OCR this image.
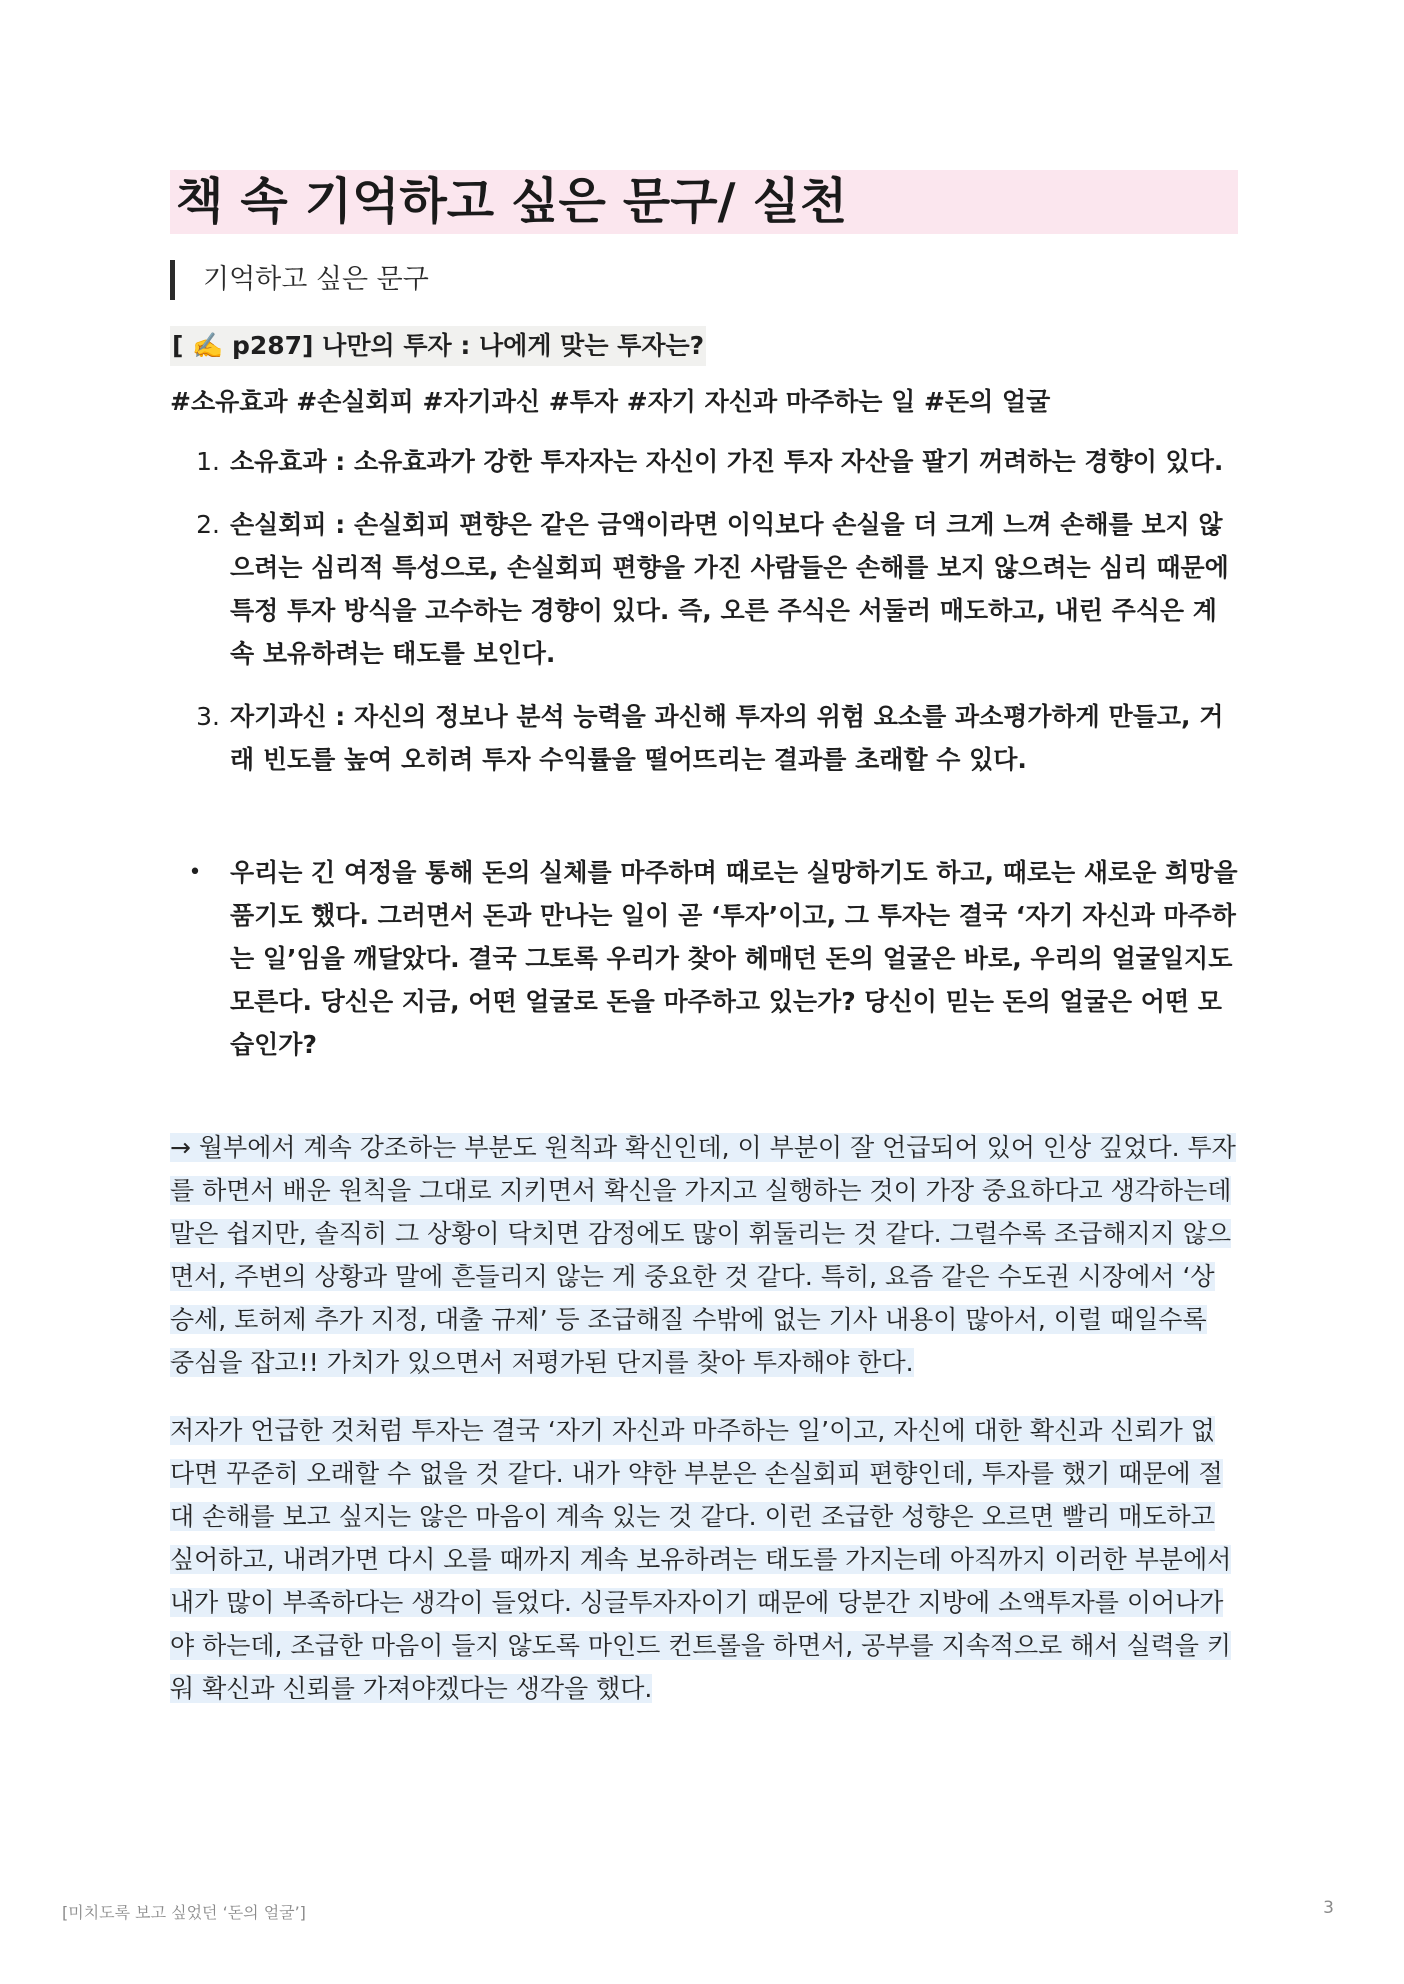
책 속 기억하고 싶은 문구/ 실천
기억하고 싶은 문구
[ ✍️ p287] 나만의 투자 : 나에게 맞는 투자는?
#소유효과 #손실회피 #자기과신 #투자 #자기 자신과 마주하는 일 #돈의 얼굴
1. 소유효과 : 소유효과가 강한 투자자는 자신이 가진 투자 자산을 팔기 꺼려하는 경향이 있다.
2. 손실회피 : 손실회피 편향은 같은 금액이라면 이익보다 손실을 더 크게 느껴 손해를 보지 않으려는 심리적 특성으로, 손실회피 편향을 가진 사람들은 손해를 보지 않으려는 심리 때문에 특정 투자 방식을 고수하는 경향이 있다. 즉, 오른 주식은 서둘러 매도하고, 내린 주식은 계속 보유하려는 태도를 보인다.
3. 자기과신 : 자신의 정보나 분석 능력을 과신해 투자의 위험 요소를 과소평가하게 만들고, 거래 빈도를 높여 오히려 투자 수익률을 떨어뜨리는 결과를 초래할 수 있다.
•	우리는 긴 여정을 통해 돈의 실체를 마주하며 때로는 실망하기도 하고, 때로는 새로운 희망을 품기도 했다. 그러면서 돈과 만나는 일이 곧 ‘투자’이고, 그 투자는 결국 ‘자기 자신과 마주하는 일’임을 깨달았다. 결국 그토록 우리가 찾아 헤매던 돈의 얼굴은 바로, 우리의 얼굴일지도 모른다. 당신은 지금, 어떤 얼굴로 돈을 마주하고 있는가? 당신이 믿는 돈의 얼굴은 어떤 모습인가?

→ 월부에서 계속 강조하는 부분도 원칙과 확신인데, 이 부분이 잘 언급되어 있어 인상 깊었다. 투자를 하면서 배운 원칙을 그대로 지키면서 확신을 가지고 실행하는 것이 가장 중요하다고 생각하는데 말은 쉽지만, 솔직히 그 상황이 닥치면 감정에도 많이 휘둘리는 것 같다. 그럴수록 조급해지지 않으면서, 주변의 상황과 말에 흔들리지 않는 게 중요한 것 같다. 특히, 요즘 같은 수도권 시장에서 ‘상승세, 토허제 추가 지정, 대출 규제’ 등 조급해질 수밖에 없는 기사 내용이 많아서, 이럴 때일수록 중심을 잡고!! 가치가 있으면서 저평가된 단지를 찾아 투자해야 한다.

저자가 언급한 것처럼 투자는 결국 ‘자기 자신과 마주하는 일’이고, 자신에 대한 확신과 신뢰가 없다면 꾸준히 오래할 수 없을 것 같다. 내가 약한 부분은 손실회피 편향인데, 투자를 했기 때문에 절대 손해를 보고 싶지는 않은 마음이 계속 있는 것 같다. 이런 조급한 성향은 오르면 빨리 매도하고 싶어하고, 내려가면 다시 오를 때까지 계속 보유하려는 태도를 가지는데 아직까지 이러한 부분에서 내가 많이 부족하다는 생각이 들었다. 싱글투자자이기 때문에 당분간 지방에 소액투자를 이어나가야 하는데, 조급한 마음이 들지 않도록 마인드 컨트롤을 하면서, 공부를 지속적으로 해서 실력을 키워 확신과 신뢰를 가져야겠다는 생각을 했다.

[미치도록 보고 싶었던 ‘돈의 얼굴’]	3
